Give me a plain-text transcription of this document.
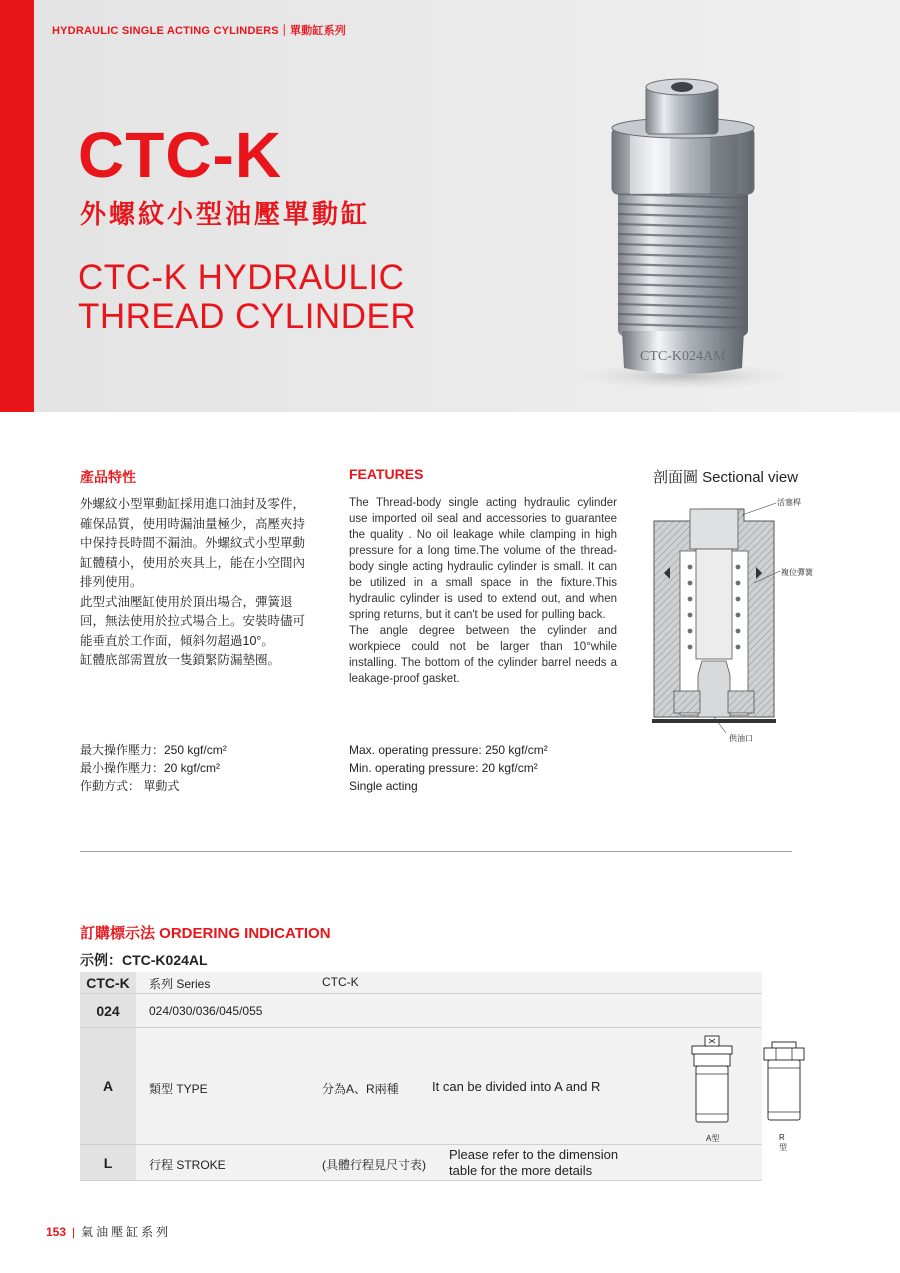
HYDRAULIC SINGLE ACTING CYLINDERS｜單動缸系列
CTC-K
外螺紋小型油壓單動缸
CTC-K HYDRAULIC
THREAD CYLINDER
CTC-K024AM
產品特性

外螺紋小型單動缸採用進口油封及零件，確保品質，使用時漏油量極少，高壓夾持中保持長時間不漏油。外螺紋式小型單動缸體積小，使用於夾具上，能在小空間內排列使用。

此型式油壓缸使用於頂出場合，彈簧退回，無法使用於拉式場合上。安裝時儘可能垂直於工作面，傾斜勿超過10°。

缸體底部需置放一隻鎖緊防漏墊圈。

最大操作壓力：250 kgf/cm²
最小操作壓力：20 kgf/cm²
作動方式： 單動式
FEATURES

The Thread-body single acting hydraulic cylinder use imported oil seal and accessories to guarantee the quality . No oil leakage while clamping in high pressure for a long time.The volume of the thread-body single acting hydraulic cylinder is small. It can be utilized in a small space in the fixture.This hydraulic cylinder is used to extend out, and when spring returns, but it can't be used for pulling back.

The angle degree between the cylinder and workpiece could not be larger than 10°while installing. The bottom of the cylinder barrel needs a leakage-proof gasket.

Max. operating pressure: 250 kgf/cm²
Min. operating pressure: 20 kgf/cm²
Single acting
剖面圖 Sectional view
活塞桿
複位彈簧
供油口
訂購標示法 ORDERING INDICATION
示例：CTC-K024AL
CTC-K	系列 Series	CTC-K
024	024/030/036/045/055
A	類型 TYPE	分為A、R兩種	It can be divided into A and R
A型	R型
L	行程 STROKE	(具體行程見尺寸表)
Please refer to the dimension
table for the more details
153 | 氣油壓缸系列
